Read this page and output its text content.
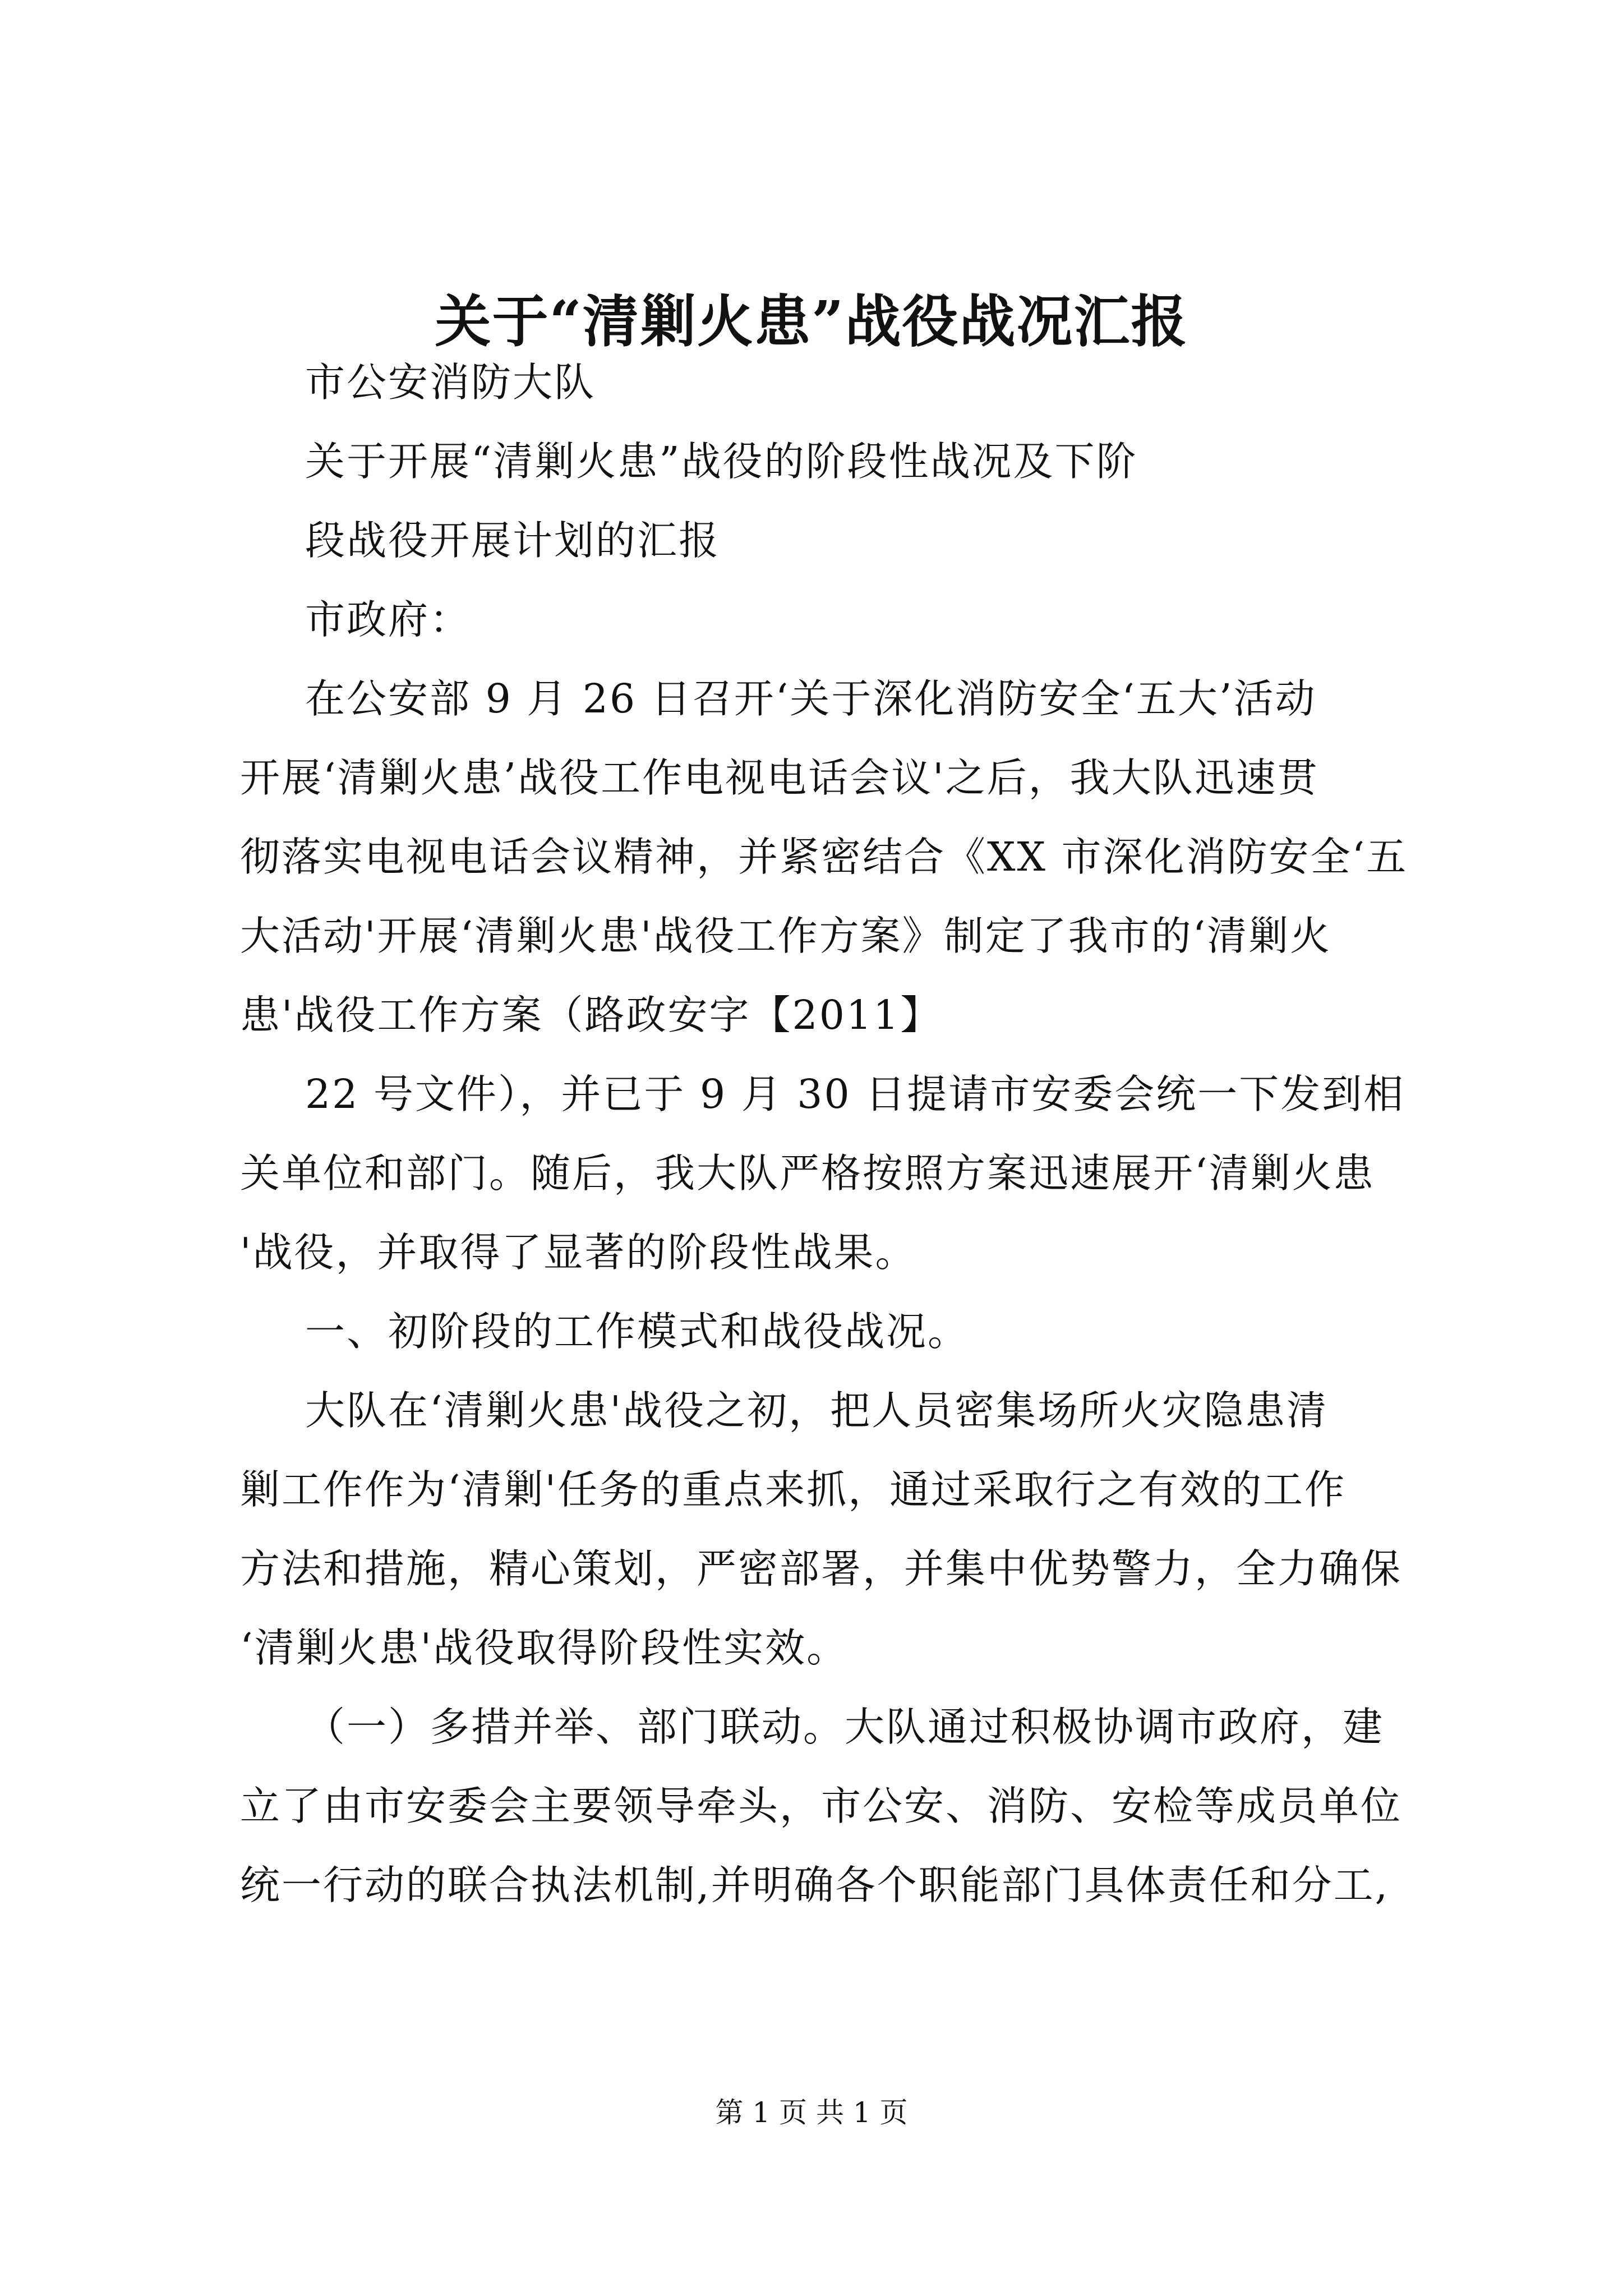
关于“清剿火患”战役战况汇报
市公安消防大队
关于开展“清剿火患”战役的阶段性战况及下阶
段战役开展计划的汇报
市政府：
在公安部 9 月 26 日召开‘关于深化消防安全‘五大’活动
开展‘清剿火患’战役工作电视电话会议'之后，我大队迅速贯
彻落实电视电话会议精神，并紧密结合《XX 市深化消防安全‘五
大活动'开展‘清剿火患'战役工作方案》制定了我市的‘清剿火
患'战役工作方案（路政安字【2011】
22 号文件），并已于 9 月 30 日提请市安委会统一下发到相
关单位和部门。随后，我大队严格按照方案迅速展开‘清剿火患
'战役，并取得了显著的阶段性战果。
一、初阶段的工作模式和战役战况。
大队在‘清剿火患'战役之初，把人员密集场所火灾隐患清
剿工作作为‘清剿'任务的重点来抓，通过采取行之有效的工作
方法和措施，精心策划，严密部署，并集中优势警力，全力确保
‘清剿火患'战役取得阶段性实效。
（一）多措并举、部门联动。大队通过积极协调市政府，建
立了由市安委会主要领导牵头，市公安、消防、安检等成员单位
统一行动的联合执法机制,并明确各个职能部门具体责任和分工,
第 1 页 共 1 页
